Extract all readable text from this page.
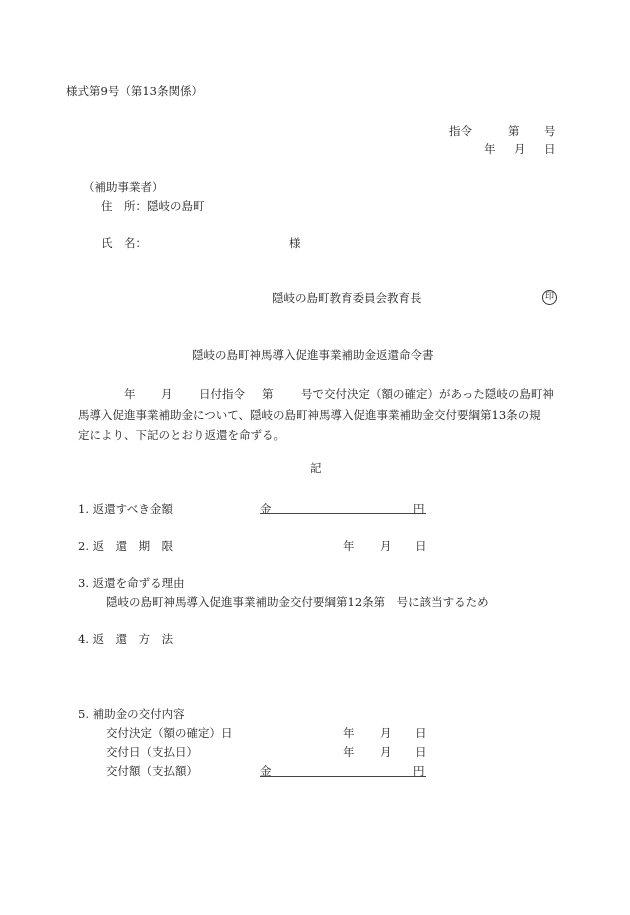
様式第9号（第13条関係）
指令	第 号
年 月 日
（補助事業者）
住　所：隠岐の島町
氏　名：	様
隠岐の島町教育委員会教育長	印
隠岐の島町神馬導入促進事業補助金返還命令書
年 月 日付指令 第 号で交付決定（額の確定）があった隠岐の島町神
馬導入促進事業補助金について、隠岐の島町神馬導入促進事業補助金交付要綱第13条の規
定により、下記のとおり返還を命ずる。
記
1. 返還すべき金額	金	円
2. 返　還　期　限	年 月 日
3. 返還を命ずる理由
隠岐の島町神馬導入促進事業補助金交付要綱第12条第　号に該当するため
4. 返　還　方　法
5. 補助金の交付内容
交付決定（額の確定）日	年 月 日
交付日（支払日）	年 月 日
交付額（支払額）	金	円
